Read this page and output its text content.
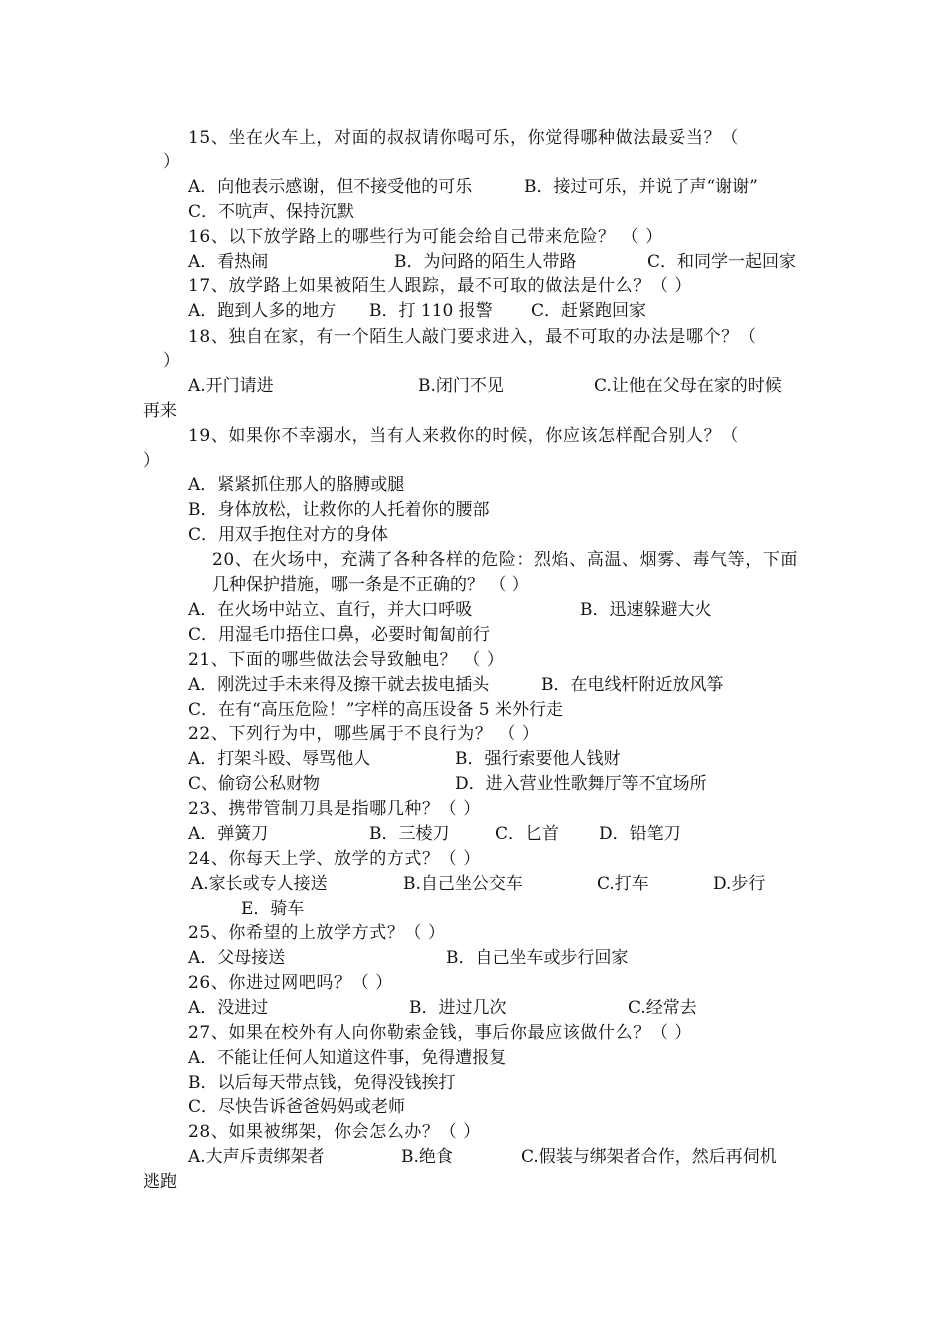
15、坐在火车上，对面的叔叔请你喝可乐，你觉得哪种做法最妥当？（
）
A．向他表示感谢，但不接受他的可乐	B．接过可乐，并说了声“谢谢”
C．不吭声、保持沉默
16、以下放学路上的哪些行为可能会给自己带来危险？ （ ）
A．看热闹	B．为问路的陌生人带路	C．和同学一起回家
17、放学路上如果被陌生人跟踪，最不可取的做法是什么？（ ）
A．跑到人多的地方 B．打 110 报警 C．赶紧跑回家
18、独自在家，有一个陌生人敲门要求进入，最不可取的办法是哪个？（
）
A.开门请进	B.闭门不见	C.让他在父母在家的时候
再来
19、如果你不幸溺水，当有人来救你的时候，你应该怎样配合别人？（
）
A．紧紧抓住那人的胳膊或腿
B．身体放松，让救你的人托着你的腰部
C．用双手抱住对方的身体
20、在火场中，充满了各种各样的危险：烈焰、高温、烟雾、毒气等，下面
几种保护措施，哪一条是不正确的？ （ ）
A．在火场中站立、直行，并大口呼吸	B．迅速躲避大火
C．用湿毛巾捂住口鼻，必要时匍匐前行
21、下面的哪些做法会导致触电？ （ ）
A．刚洗过手未来得及擦干就去拔电插头	B．在电线杆附近放风筝
C．在有“高压危险！”字样的高压设备 5 米外行走
22、下列行为中，哪些属于不良行为？ （ ）
A．打架斗殴、辱骂他人	B．强行索要他人钱财
C、偷窃公私财物	D．进入营业性歌舞厅等不宜场所
23、携带管制刀具是指哪几种？（ ）
A．弹簧刀	B．三棱刀	C．匕首 D．铅笔刀
24、你每天上学、放学的方式？（ ）
A.家长或专人接送	B.自己坐公交车	C.打车	D.步行
E．骑车
25、你希望的上放学方式？（ ）
A．父母接送	B．自己坐车或步行回家
26、你进过网吧吗？（ ）
A．没进过	B．进过几次	C.经常去
27、如果在校外有人向你勒索金钱，事后你最应该做什么？（ ）
A．不能让任何人知道这件事，免得遭报复
B．以后每天带点钱，免得没钱挨打
C．尽快告诉爸爸妈妈或老师
28、如果被绑架，你会怎么办？（ ）
A.大声斥责绑架者	B.绝食	C.假装与绑架者合作，然后再伺机
逃跑
